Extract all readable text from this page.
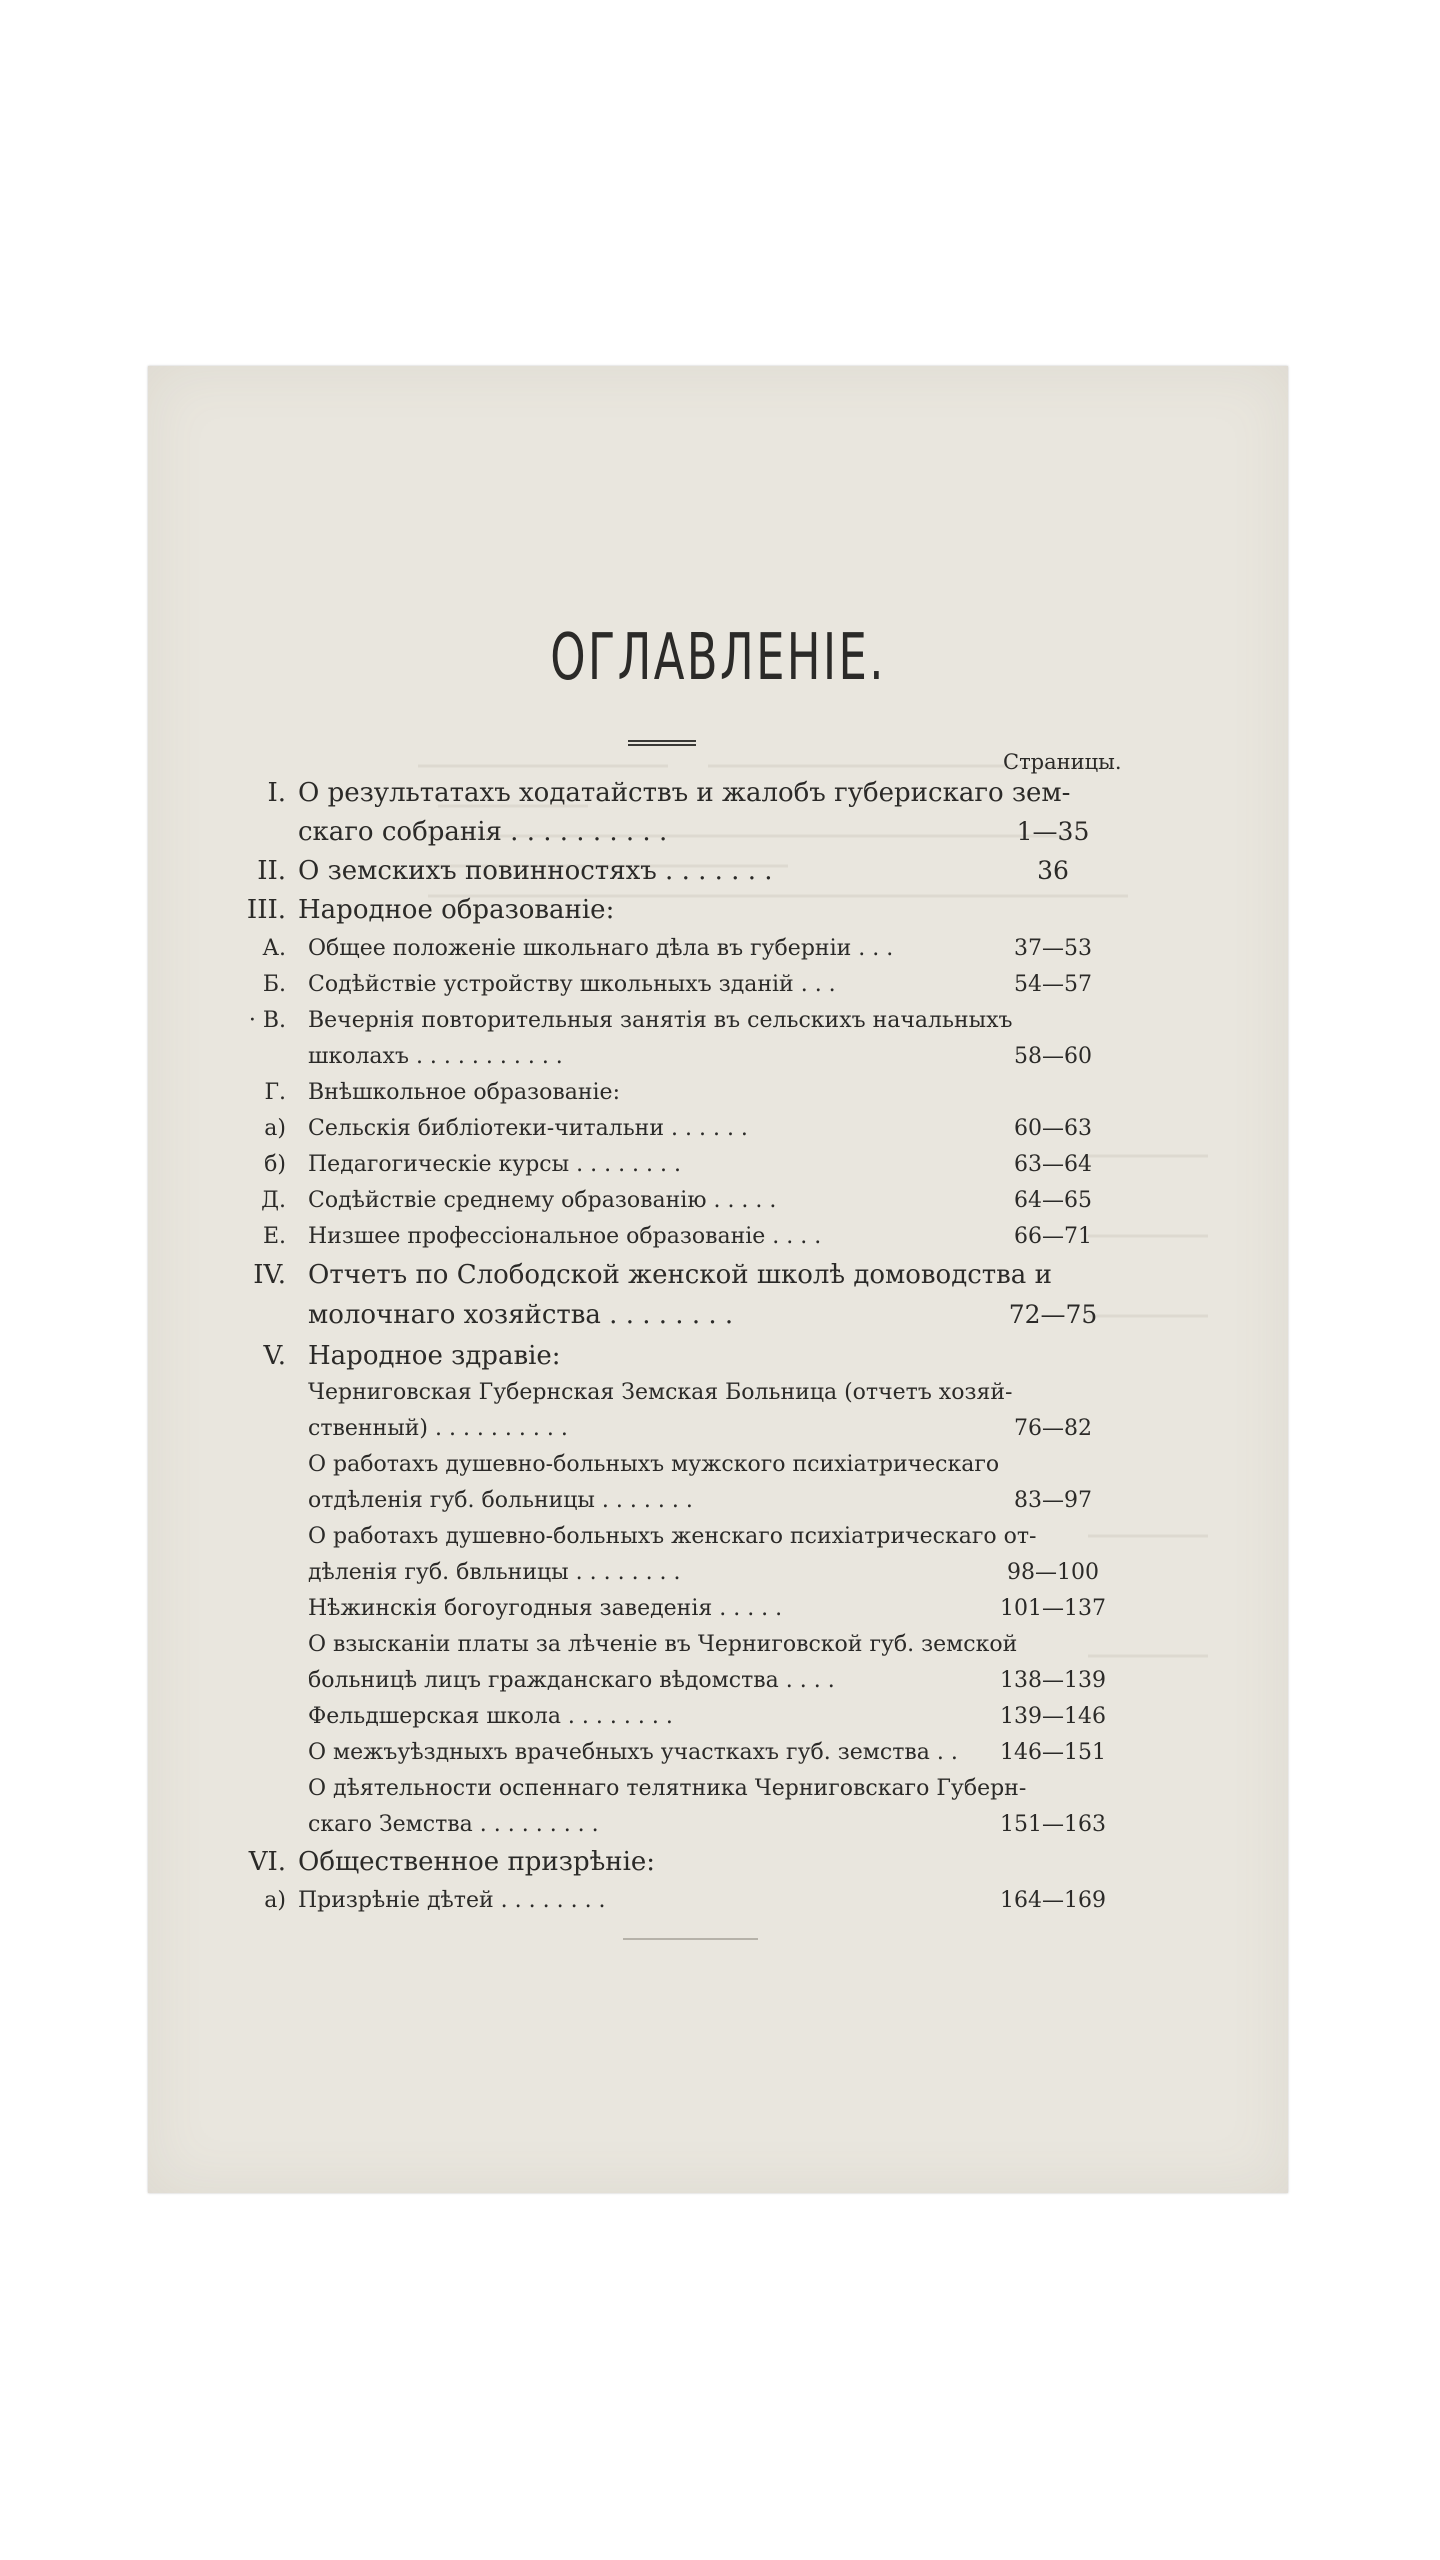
ОГЛАВЛЕНІЕ.
Страницы.
I. О результатахъ ходатайствъ и жалобъ губерискаго зем-
скаго собранія . . . . . . . . . .	1—35
II. О земскихъ повинностяхъ . . . . . . .	36
III. Народное образованіе:
А. Общее положеніе школьнаго дѣла въ губерніи . . .	37—53
Б. Содѣйствіе устройству школьныхъ зданій . . .	54—57
· В. Вечернія повторительныя занятія въ сельскихъ начальныхъ
школахъ . . . . . . . . . . .	58—60
Г. Внѣшкольное образованіе:
а) Сельскія библіотеки-читальни . . . . . .	60—63
б) Педагогическіе курсы . . . . . . . .	63—64
Д. Содѣйствіе среднему образованію . . . . .	64—65
Е. Низшее профессіональное образованіе . . . .	66—71
IV. Отчетъ по Слободской женской школѣ домоводства и
молочнаго хозяйства . . . . . . . .	72—75
V. Народное здравіе:
Черниговская Губернская Земская Больница (отчетъ хозяй-
ственный) . . . . . . . . . .	76—82
О работахъ душевно-больныхъ мужского психіатрическаго
отдѣленія губ. больницы . . . . . . .	83—97
О работахъ душевно-больныхъ женскаго психіатрическаго от-
дѣленія губ. бвльницы . . . . . . . .	98—100
Нѣжинскія богоугодныя заведенія . . . . .	101—137
О взысканіи платы за лѣченіе въ Черниговской губ. земской
больницѣ лицъ гражданскаго вѣдомства . . . .	138—139
Фельдшерская школа . . . . . . . .	139—146
О межъуѣздныхъ врачебныхъ участкахъ губ. земства . .	146—151
О дѣятельности оспеннаго телятника Черниговскаго Губерн-
скаго Земства . . . . . . . . .	151—163
VI. Общественное призрѣніе:
а) Призрѣніе дѣтей . . . . . . . .	164—169
